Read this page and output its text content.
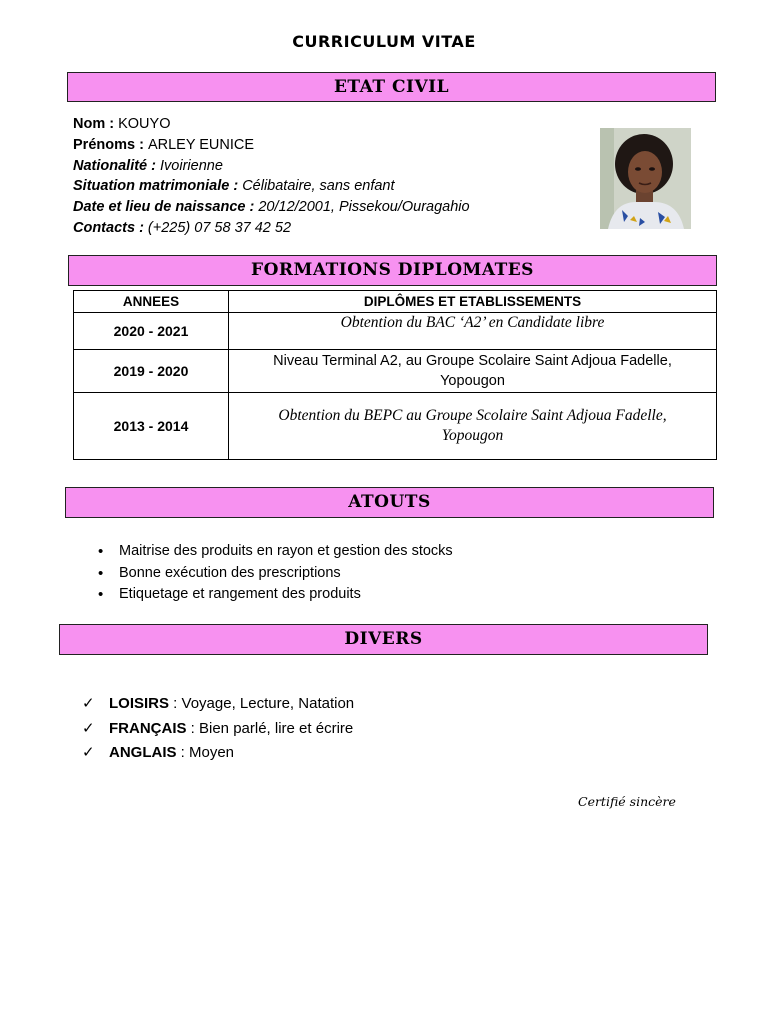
CURRICULUM VITAE
ETAT CIVIL
Nom : KOUYO
Prénoms : ARLEY EUNICE
Nationalité : Ivoirienne
Situation matrimoniale : Célibataire, sans enfant
Date et lieu de naissance : 20/12/2001, Pissekou/Ouragahio
Contacts : (+225) 07 58 37 42 52
FORMATIONS DIPLOMATES
ANNEES	DIPLÔMES ET ETABLISSEMENTS
2020 - 2021	Obtention du BAC ‘A2’ en Candidate libre
2019 - 2020	Niveau Terminal A2, au Groupe Scolaire Saint Adjoua Fadelle,
Yopougon

2013 - 2014	Obtention du BEPC au Groupe Scolaire Saint Adjoua Fadelle,
Yopougon
ATOUTS
• Maitrise des produits en rayon et gestion des stocks
• Bonne exécution des prescriptions
• Etiquetage et rangement des produits
DIVERS
✓ LOISIRS : Voyage, Lecture, Natation
✓ FRANÇAIS : Bien parlé, lire et écrire
✓ ANGLAIS : Moyen
Certifié sincère
